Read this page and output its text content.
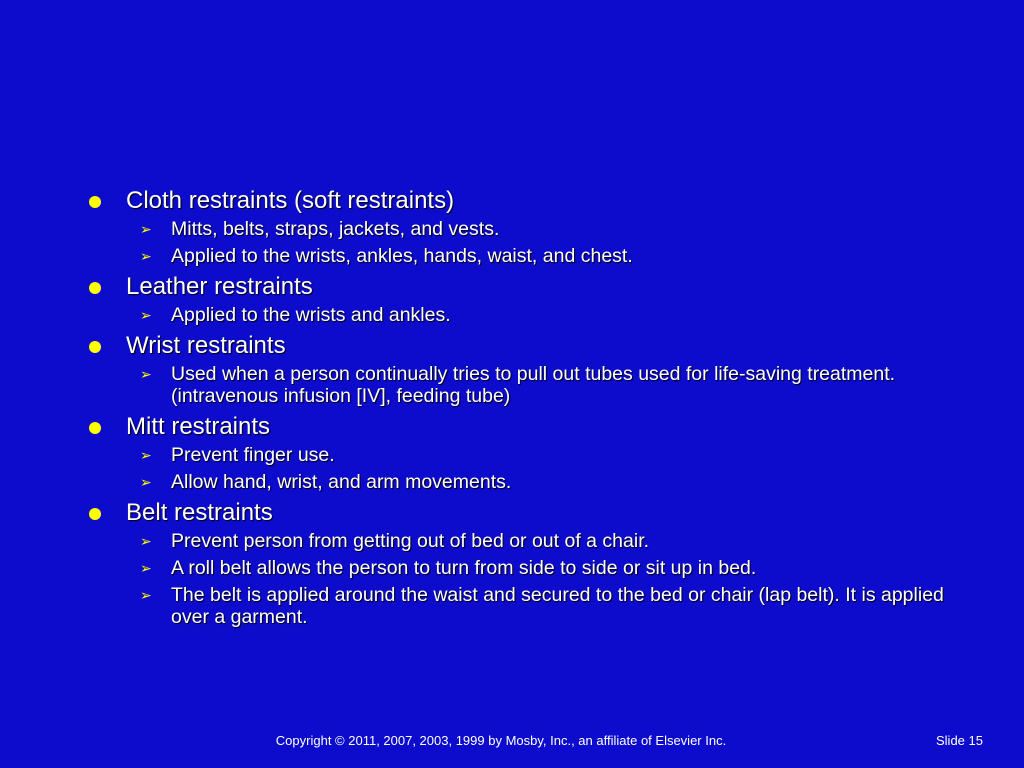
Cloth restraints (soft restraints)
➢ Mitts, belts, straps, jackets, and vests.
➢ Applied to the wrists, ankles, hands, waist, and chest.
Leather restraints
➢ Applied to the wrists and ankles.
Wrist restraints
➢ Used when a person continually tries to pull out tubes used for life-saving treatment. (intravenous infusion [IV], feeding tube)
Mitt restraints
➢ Prevent finger use.
➢ Allow hand, wrist, and arm movements.
Belt restraints
➢ Prevent person from getting out of bed or out of a chair.
➢ A roll belt allows the person to turn from side to side or sit up in bed.
➢ The belt is applied around the waist and secured to the bed or chair (lap belt). It is applied over a garment.
Copyright © 2011, 2007, 2003, 1999 by Mosby, Inc., an affiliate of Elsevier Inc.	Slide 15
